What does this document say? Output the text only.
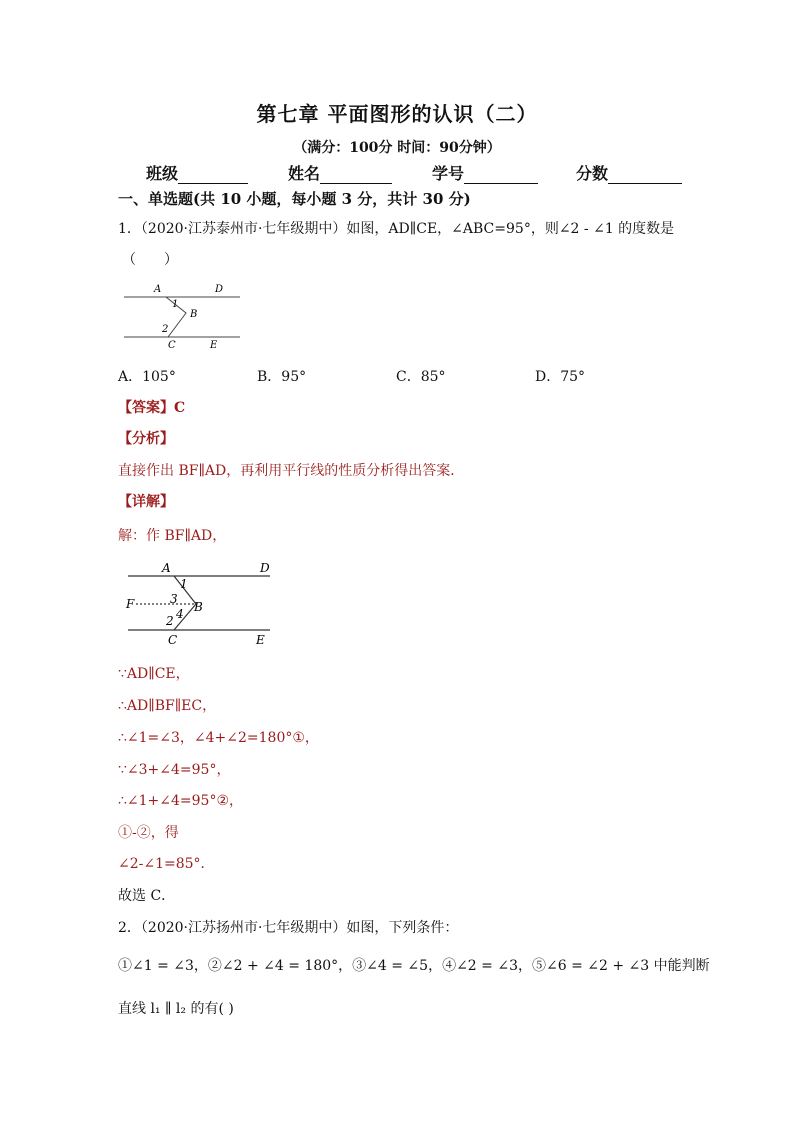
第七章 平面图形的认识（二）
（满分：100分 时间：90分钟）
班级	姓名	学号	分数
一、单选题(共 10 小题，每小题 3 分，共计 30 分)
1．（2020·江苏泰州市·七年级期中）如图，AD∥CE，∠ABC=95°，则∠2 - ∠1 的度数是
（　　）
A	D
1
B
2
C	E
A．105°	B．95°	C．85°	D．75°
【答案】C
【分析】
直接作出 BF∥AD，再利用平行线的性质分析得出答案．
【详解】
解：作 BF∥AD，
A	D
1
F	3
B
4
2
C	E
∵AD∥CE，
∴AD∥BF∥EC，
∴∠1=∠3，∠4+∠2=180°①，
∵∠3+∠4=95°，
∴∠1+∠4=95°②，
①-②，得
∠2-∠1=85°．
故选 C．
2．（2020·江苏扬州市·七年级期中）如图，下列条件：
①∠1 = ∠3，②∠2 + ∠4 = 180°，③∠4 = ∠5，④∠2 = ∠3，⑤∠6 = ∠2 + ∠3 中能判断
直线 l₁ ∥ l₂ 的有( )
